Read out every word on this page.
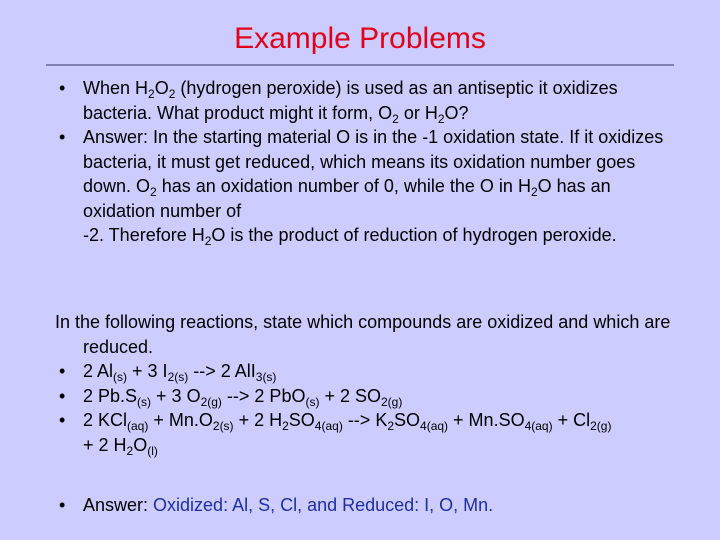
Example Problems
• When $H_2O_2$ (hydrogen peroxide) is used as an antiseptic it oxidizes bacteria. What product might it form, $O_2$ or $H_2O$?
• Answer: In the starting material O is in the -1 oxidation state. If it oxidizes bacteria, it must get reduced, which means its oxidation number goes down. $O_2$ has an oxidation number of 0, while the O in $H_2O$ has an oxidation number of
-2. Therefore $H_2O$ is the product of reduction of hydrogen peroxide.
In the following reactions, state which compounds are oxidized and which are reduced.
• 2 $Al_{(s)} + 3$ $I_{2(s)}$ --> 2 AlI$_{3(s)}$
• 2 $Pb.S_{(s)} + 3$ $O_{2(g)}$ --> 2 PbO$_{(s)}$ + 2 $SO_{2(g)}$
• 2 $KCl_{(aq)} + Mn.O_{2(s)} + 2$ $H_2SO_{4(aq)}$ --> $K_2SO_{4(aq)} + Mn.SO_{4(aq)} + Cl_{2(g)}$
+ 2 $H_2O_{(l)}$
• Answer: Oxidized: Al, S, Cl, and Reduced: I, O, Mn.
